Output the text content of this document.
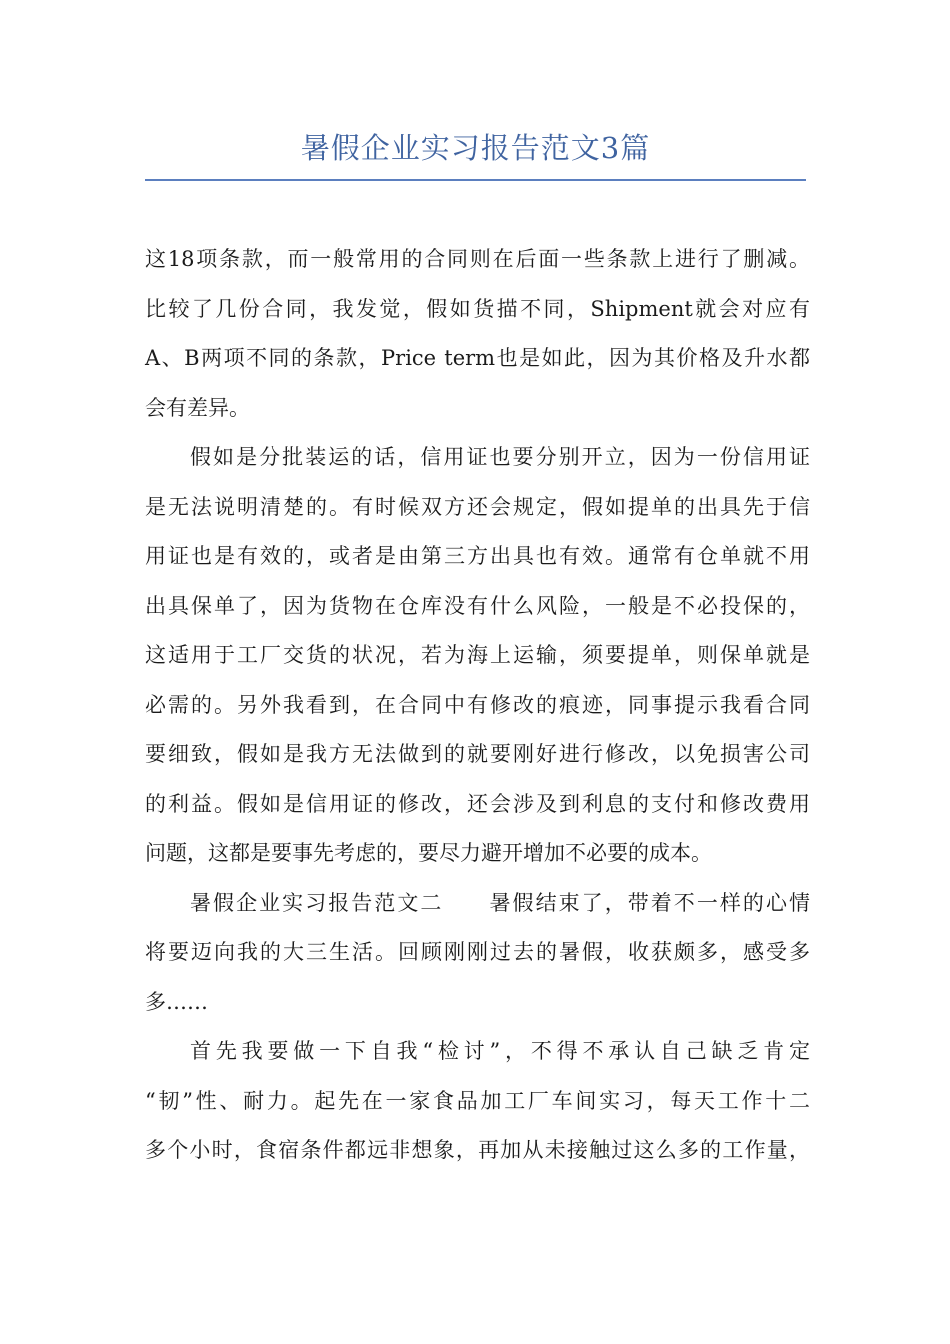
暑假企业实习报告范文3篇
这18项条款，而一般常用的合同则在后面一些条款上进行了删减。
比较了几份合同，我发觉，假如货描不同，Shipment就会对应有
A、B两项不同的条款，Price term也是如此，因为其价格及升水都
会有差异。
假如是分批装运的话，信用证也要分别开立，因为一份信用证
是无法说明清楚的。有时候双方还会规定，假如提单的出具先于信
用证也是有效的，或者是由第三方出具也有效。通常有仓单就不用
出具保单了，因为货物在仓库没有什么风险，一般是不必投保的，
这适用于工厂交货的状况，若为海上运输，须要提单，则保单就是
必需的。另外我看到，在合同中有修改的痕迹，同事提示我看合同
要细致，假如是我方无法做到的就要刚好进行修改，以免损害公司
的利益。假如是信用证的修改，还会涉及到利息的支付和修改费用
问题，这都是要事先考虑的，要尽力避开增加不必要的成本。
暑假企业实习报告范文二　　暑假结束了，带着不一样的心情
将要迈向我的大三生活。回顾刚刚过去的暑假，收获颇多，感受多
多……
首先我要做一下自我“检讨”，不得不承认自己缺乏肯定
“韧”性、耐力。起先在一家食品加工厂车间实习，每天工作十二
多个小时，食宿条件都远非想象，再加从未接触过这么多的工作量，
